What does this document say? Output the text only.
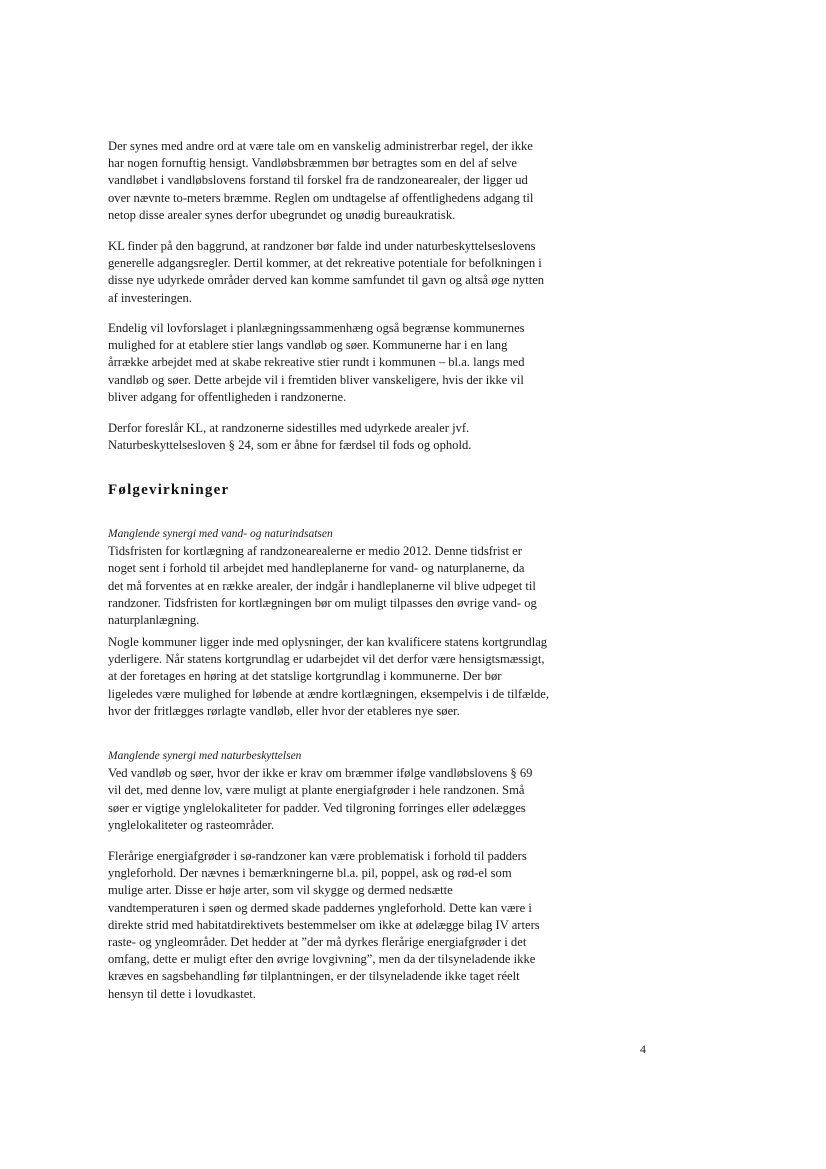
Der synes med andre ord at være tale om en vanskelig administrerbar regel, der ikke
har nogen fornuftig hensigt. Vandløbsbræmmen bør betragtes som en del af selve
vandløbet i vandløbslovens forstand til forskel fra de randzonearealer, der ligger ud
over nævnte to-meters bræmme. Reglen om undtagelse af offentlighedens adgang til
netop disse arealer synes derfor ubegrundet og unødig bureaukratisk.

KL finder på den baggrund, at randzoner bør falde ind under naturbeskyttelseslovens
generelle adgangsregler. Dertil kommer, at det rekreative potentiale for befolkningen i
disse nye udyrkede områder derved kan komme samfundet til gavn og altså øge nytten
af investeringen.

Endelig vil lovforslaget i planlægningssammenhæng også begrænse kommunernes
mulighed for at etablere stier langs vandløb og søer. Kommunerne har i en lang
årrække arbejdet med at skabe rekreative stier rundt i kommunen – bl.a. langs med
vandløb og søer. Dette arbejde vil i fremtiden bliver vanskeligere, hvis der ikke vil
bliver adgang for offentligheden i randzonerne.

Derfor foreslår KL, at randzonerne sidestilles med udyrkede arealer jvf.
Naturbeskyttelsesloven § 24, som er åbne for færdsel til fods og ophold.

Følgevirkninger
Manglende synergi med vand- og naturindsatsen

Tidsfristen for kortlægning af randzonearealerne er medio 2012. Denne tidsfrist er
noget sent i forhold til arbejdet med handleplanerne for vand- og naturplanerne, da
det må forventes at en række arealer, der indgår i handleplanerne vil blive udpeget til
randzoner. Tidsfristen for kortlægningen bør om muligt tilpasses den øvrige vand- og
naturplanlægning.

Nogle kommuner ligger inde med oplysninger, der kan kvalificere statens kortgrundlag
yderligere. Når statens kortgrundlag er udarbejdet vil det derfor være hensigtsmæssigt,
at der foretages en høring at det statslige kortgrundlag i kommunerne. Der bør
ligeledes være mulighed for løbende at ændre kortlægningen, eksempelvis i de tilfælde,
hvor der fritlægges rørlagte vandløb, eller hvor der etableres nye søer.

Manglende synergi med naturbeskyttelsen

Ved vandløb og søer, hvor der ikke er krav om bræmmer ifølge vandløbslovens § 69
vil det, med denne lov, være muligt at plante energiafgrøder i hele randzonen. Små
søer er vigtige ynglelokaliteter for padder. Ved tilgroning forringes eller ødelægges
ynglelokaliteter og rasteområder.

Flerårige energiafgrøder i sø-randzoner kan være problematisk i forhold til padders
yngleforhold. Der nævnes i bemærkningerne bl.a. pil, poppel, ask og rød-el som
mulige arter. Disse er høje arter, som vil skygge og dermed nedsætte
vandtemperaturen i søen og dermed skade paddernes yngleforhold. Dette kan være i
direkte strid med habitatdirektivets bestemmelser om ikke at ødelægge bilag IV arters
raste- og yngleområder. Det hedder at ”der må dyrkes flerårige energiafgrøder i det
omfang, dette er muligt efter den øvrige lovgivning”, men da der tilsyneladende ikke
kræves en sagsbehandling før tilplantningen, er der tilsyneladende ikke taget réelt
hensyn til dette i lovudkastet.

4
